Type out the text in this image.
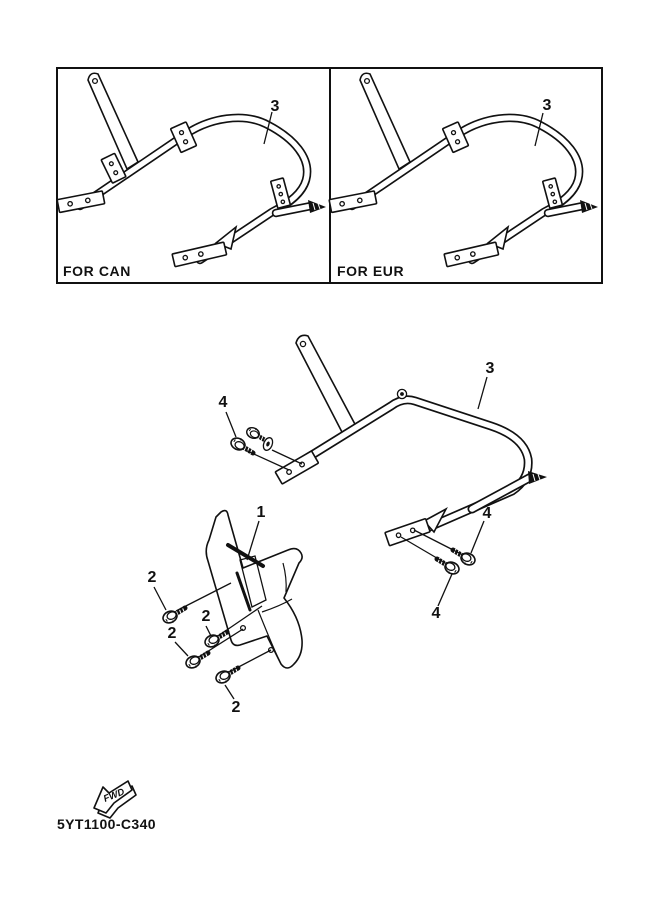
FWD
3	3
FOR CAN	FOR EUR
3
4
1
2
2
2
2
4
4
5YT1100-C340
